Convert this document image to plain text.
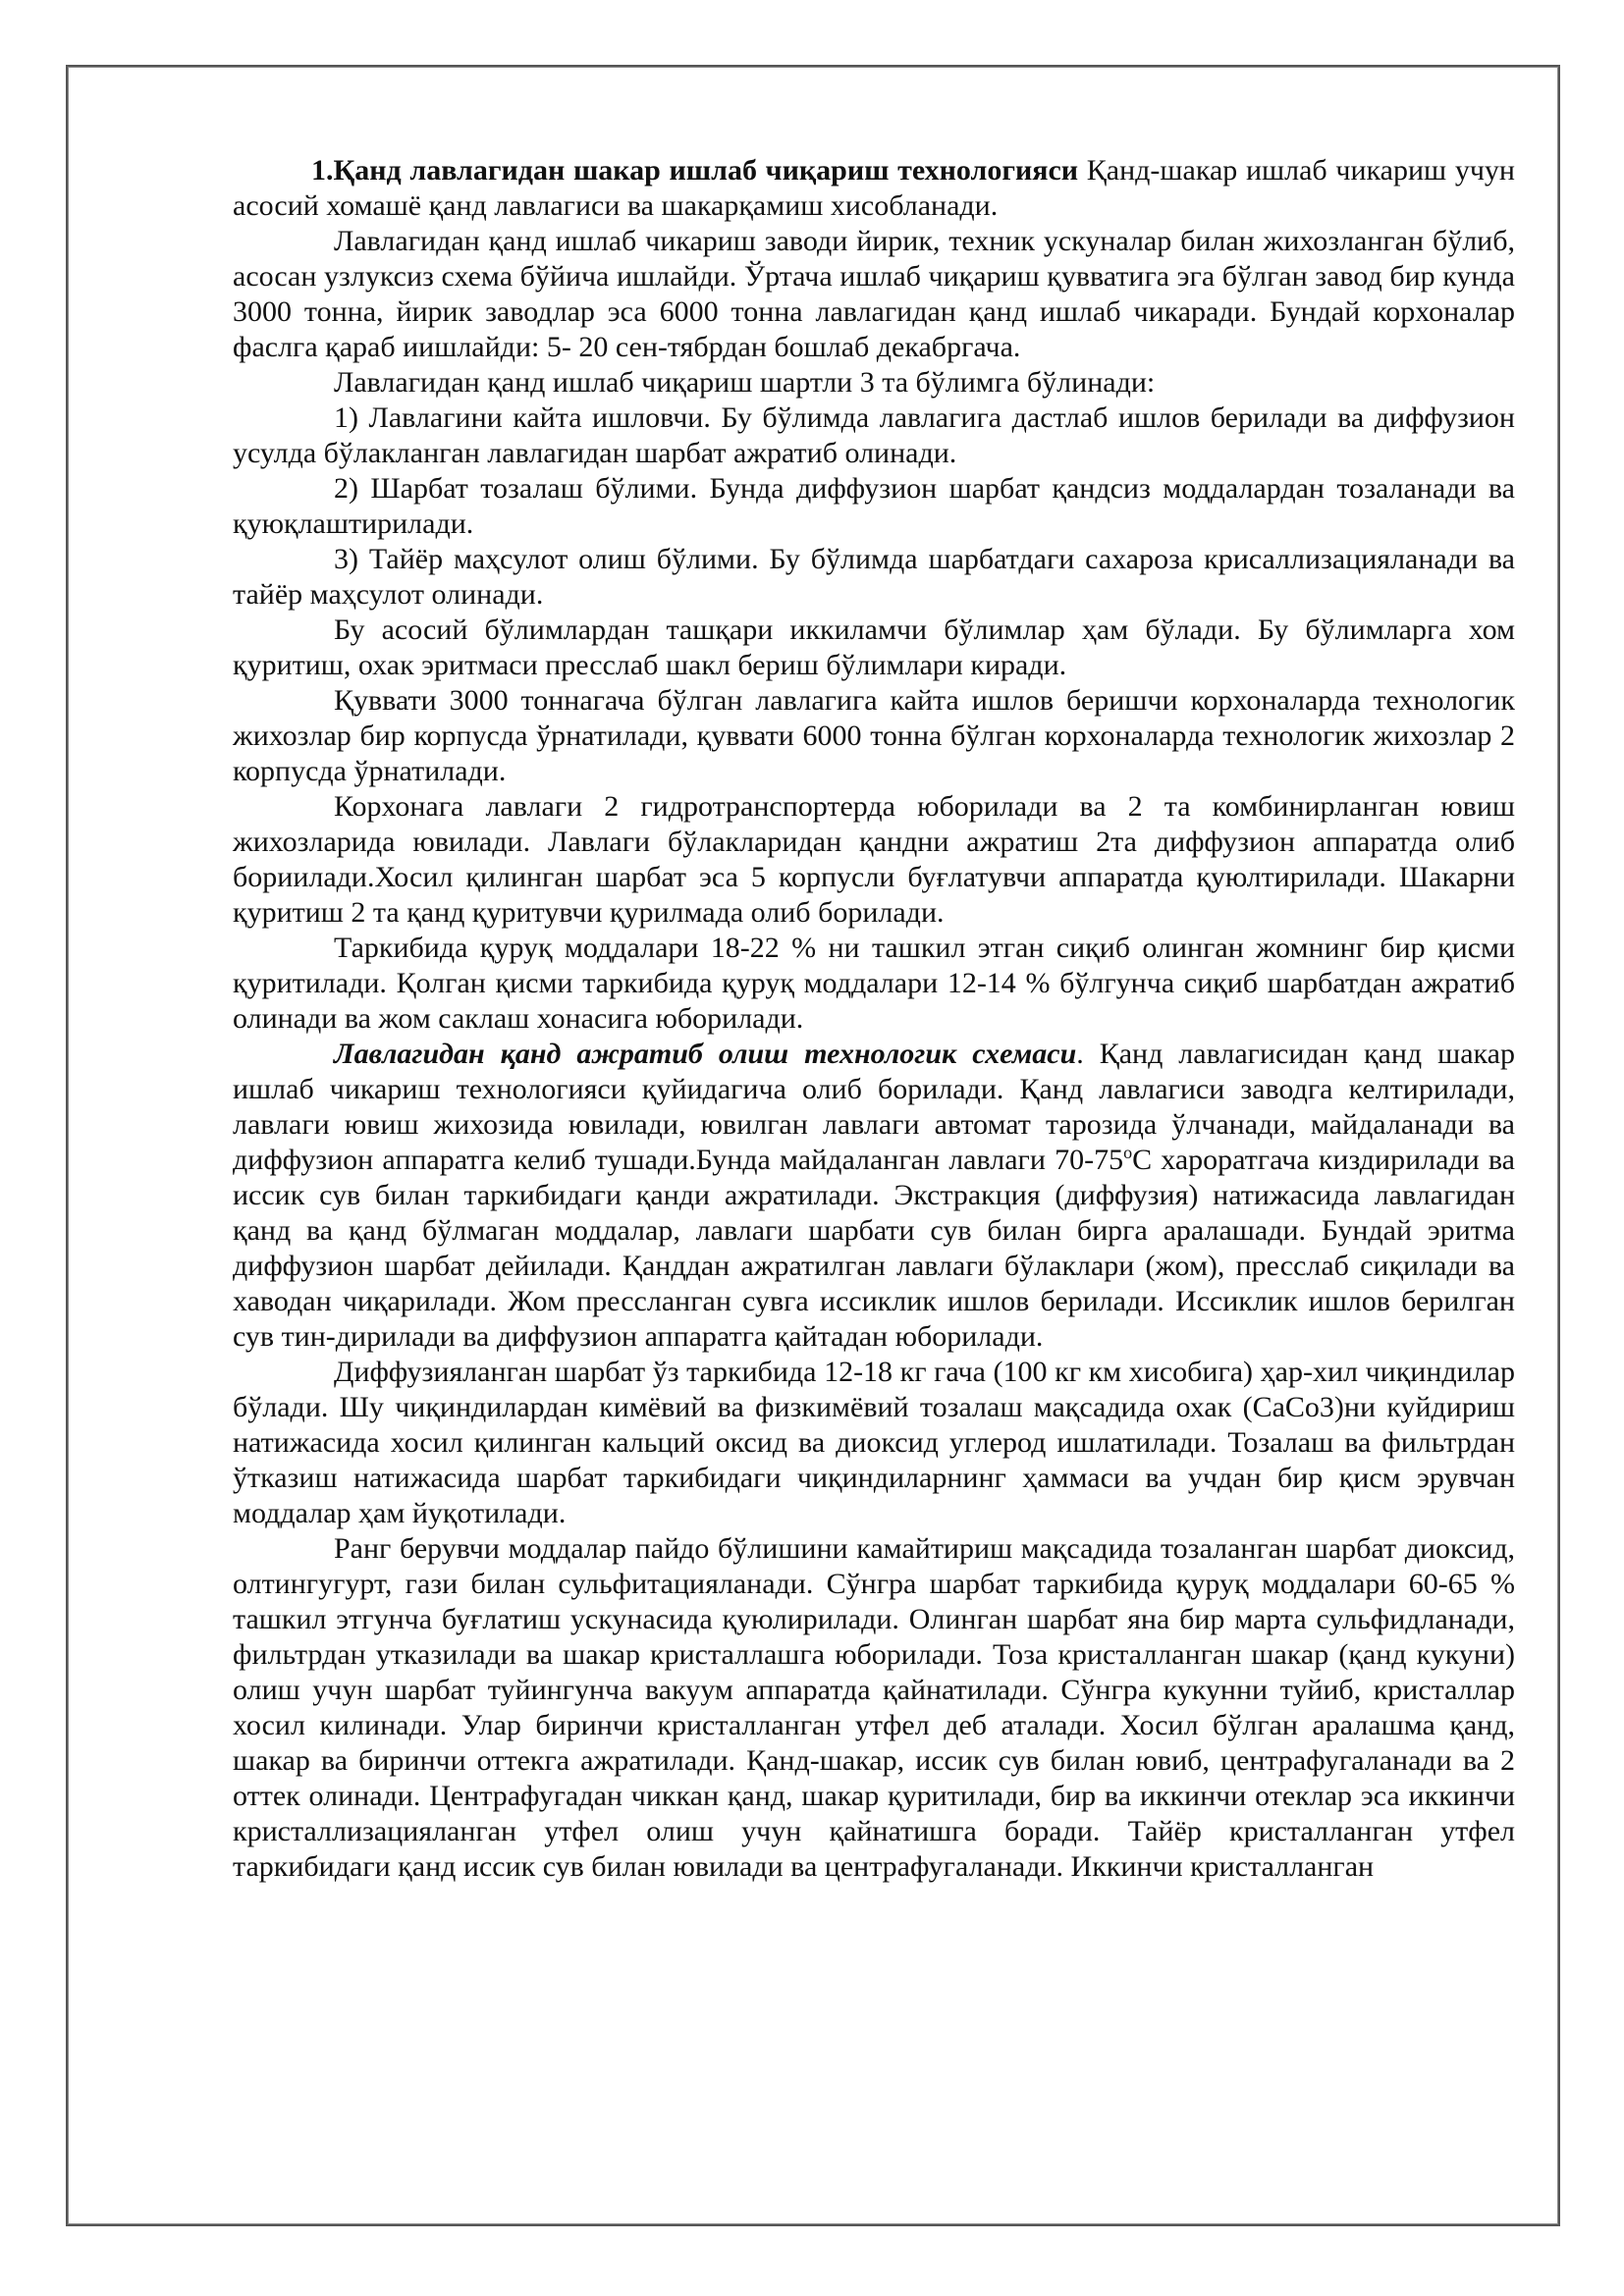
1.Қанд лавлагидан шакар ишлаб чиқариш технологияси Қанд-шакар ишлаб чикариш учун асосий хомашё қанд лавлагиси ва шакарқамиш хисобланади.

Лавлагидан қанд ишлаб чикариш заводи йирик, техник ускуналар билан жихозланган бўлиб, асосан узлуксиз схема бўйича ишлайди. Ўртача ишлаб чиқариш қувватига эга бўлган завод бир кунда 3000 тонна, йирик заводлар эса 6000 тонна лавлагидан қанд ишлаб чикаради. Бундай корхоналар фаслга қараб иишлайди: 5- 20 сен-тябрдан бошлаб декабргача.

Лавлагидан қанд ишлаб чиқариш шартли 3 та бўлимга бўлинади:

1) Лавлагини кайта ишловчи. Бу бўлимда лавлагига дастлаб ишлов берилади ва диффузион усулда бўлакланган лавлагидан шарбат ажратиб олинади.

2) Шарбат тозалаш бўлими. Бунда диффузион шарбат қандсиз моддалардан тозаланади ва қуюқлаштирилади.

3) Тайёр маҳсулот олиш бўлими. Бу бўлимда шарбатдаги сахароза крисаллизацияланади ва тайёр маҳсулот олинади.

Бу асосий бўлимлардан ташқари иккиламчи бўлимлар ҳам бўлади. Бу бўлимларга хом қуритиш, охак эритмаси пресслаб шакл бериш бўлимлари киради.

Қуввати 3000 тоннагача бўлган лавлагига кайта ишлов беришчи корхоналарда технологик жихозлар бир корпусда ўрнатилади, қуввати 6000 тонна бўлган корхоналарда технологик жихозлар 2 корпусда ўрнатилади.

Корхонага лавлаги 2 гидротранспортерда юборилади ва 2 та комбинирланган ювиш жихозларида ювилади. Лавлаги бўлакларидан қандни ажратиш 2та диффузион аппаратда олиб бориилади.Хосил қилинган шарбат эса 5 корпусли буғлатувчи аппаратда қуюлтирилади. Шакарни қуритиш 2 та қанд қуритувчи қурилмада олиб борилади.

Таркибида қуруқ моддалари 18-22 % ни ташкил этган сиқиб олинган жомнинг бир қисми қуритилади. Қолган қисми таркибида қуруқ моддалари 12-14 % бўлгунча сиқиб шарбатдан ажратиб олинади ва жом саклаш хонасига юборилади.

Лавлагидан қанд ажратиб олиш технологик схемаси. Қанд лавлагисидан қанд шакар ишлаб чикариш технологияси қуйидагича олиб борилади. Қанд лавлагиси заводга келтирилади, лавлаги ювиш жихозида ювилади, ювилган лавлаги автомат тарозида ўлчанади, майдаланади ва диффузион аппаратга келиб тушади.Бунда майдаланган лавлаги $70-75^оС$ хароратгача киздирилади ва иссик сув билан таркибидаги қанди ажратилади. Экстракция (диффузия) натижасида лавлагидан қанд ва қанд бўлмаган моддалар, лавлаги шарбати сув билан бирга аралашади. Бундай эритма диффузион шарбат дейилади. Қанддан ажратилган лавлаги бўлаклари (жом), пресслаб сиқилади ва хаводан чиқарилади. Жом прессланган сувга иссиклик ишлов берилади. Иссиклик ишлов берилган сув тин-дирилади ва диффузион аппаратга қайтадан юборилади.

Диффузияланган шарбат ўз таркибида 12-18 кг гача (100 кг км хисобига) ҳар-хил чиқиндилар бўлади. Шу чиқиндилардан кимёвий ва физкимёвий тозалаш мақсадида охак (СаСо3)ни куйдириш натижасида хосил қилинган кальций оксид ва диоксид углерод ишлатилади. Тозалаш ва фильтрдан ўтказиш натижасида шарбат таркибидаги чиқиндиларнинг ҳаммаси ва учдан бир қисм эрувчан моддалар ҳам йуқотилади.

Ранг берувчи моддалар пайдо бўлишини камайтириш мақсадида тозаланган шарбат диоксид, олтингугурт, гази билан сульфитацияланади. Сўнгра шарбат таркибида қуруқ моддалари 60-65 % ташкил этгунча буғлатиш ускунасида қуюлирилади. Олинган шарбат яна бир марта сульфидланади, фильтрдан утказилади ва шакар кристаллашга юборилади. Тоза кристалланган шакар (қанд кукуни) олиш учун шарбат туйингунча вакуум аппаратда қайнатилади. Сўнгра кукунни туйиб, кристаллар хосил килинади. Улар биринчи кристалланган утфел деб аталади. Хосил бўлган аралашма қанд, шакар ва биринчи оттекга ажратилади. Қанд-шакар, иссик сув билан ювиб, центрафугаланади ва 2 оттек олинади. Центрафугадан чиккан қанд, шакар қуритилади, бир ва иккинчи отеклар эса иккинчи кристаллизацияланган утфел олиш учун қайнатишга боради. Тайёр кристалланган утфел таркибидаги қанд иссик сув билан ювилади ва центрафугаланади. Иккинчи кристалланган
